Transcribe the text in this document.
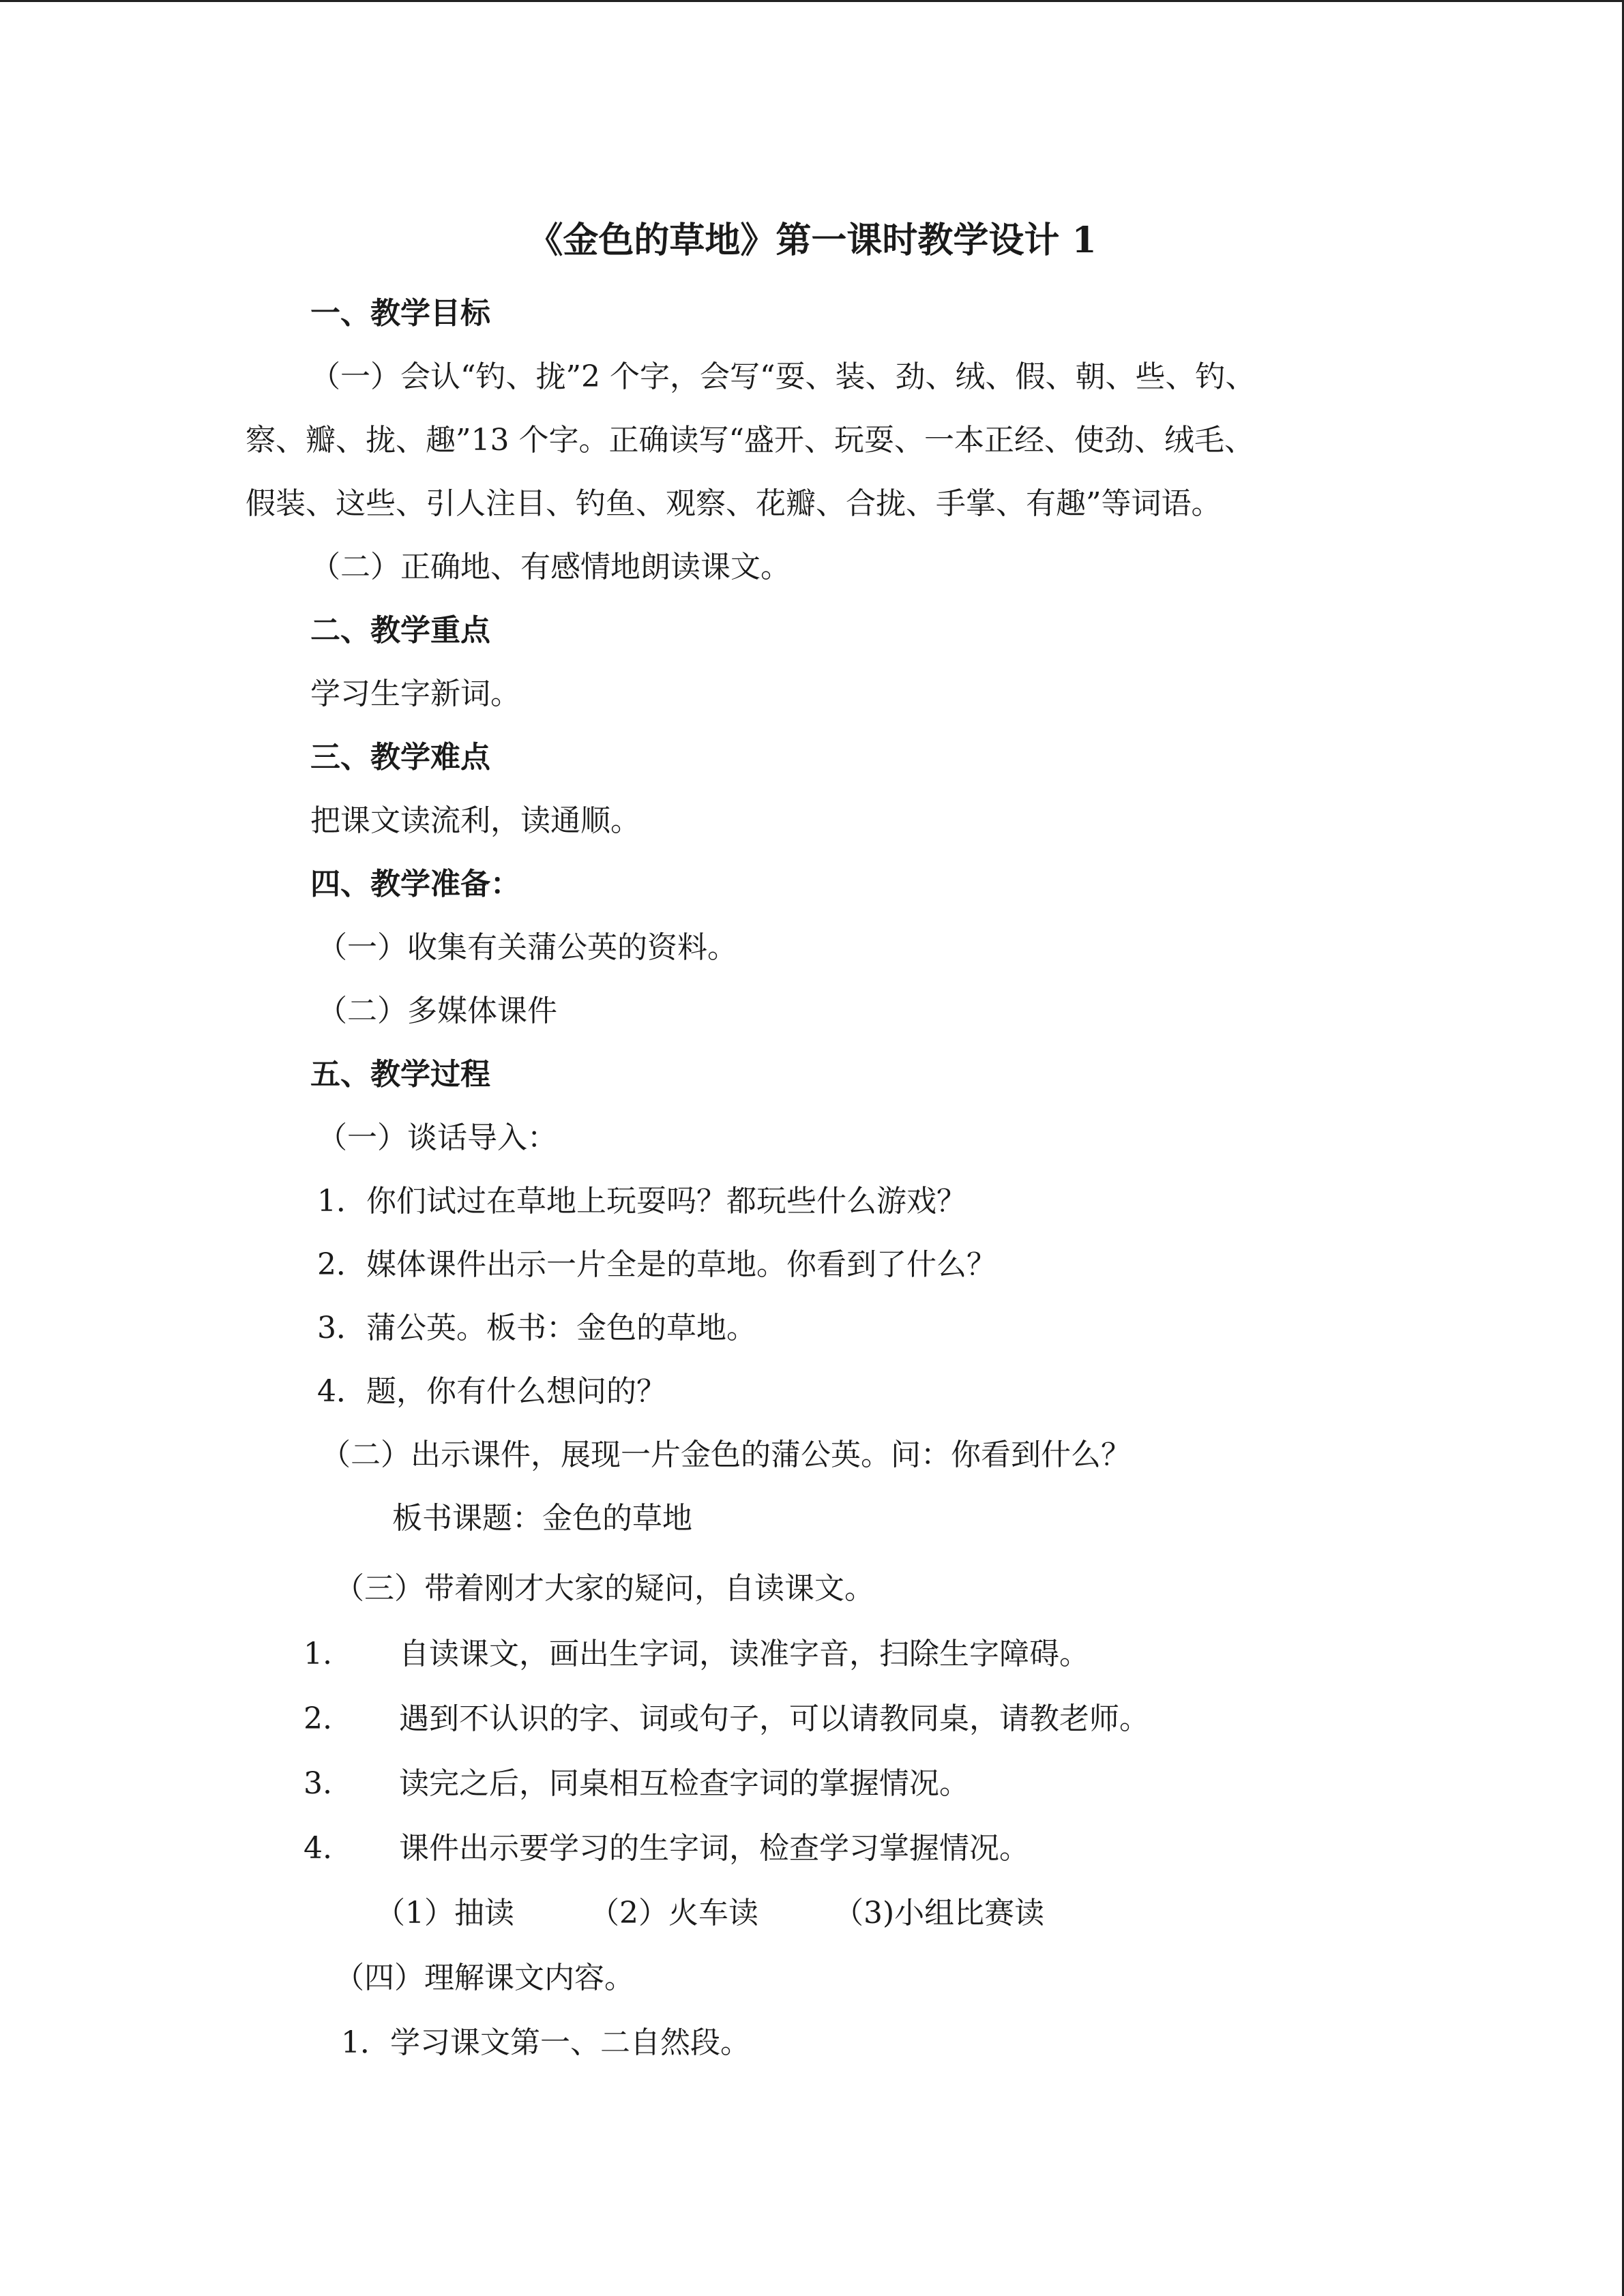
《金色的草地》第一课时教学设计 1

一、教学目标

（一）会认“钓、拢”2 个字，会写“耍、装、劲、绒、假、朝、些、钓、

察、瓣、拢、趣”13 个字。正确读写“盛开、玩耍、一本正经、使劲、绒毛、

假装、这些、引人注目、钓鱼、观察、花瓣、合拢、手掌、有趣”等词语。

（二）正确地、有感情地朗读课文。

二、教学重点

学习生字新词。

三、教学难点

把课文读流利，读通顺。

四、教学准备：

（一）收集有关蒲公英的资料。

（二）多媒体课件

五、教学过程

（一）谈话导入：

1．你们试过在草地上玩耍吗？都玩些什么游戏？

2．媒体课件出示一片全是的草地。你看到了什么？

3．蒲公英。板书：金色的草地。

4．题，你有什么想问的？

（二）出示课件，展现一片金色的蒲公英。问：你看到什么？

板书课题：金色的草地

（三）带着刚才大家的疑问，自读课文。

1. 自读课文，画出生字词，读准字音，扫除生字障碍。

2. 遇到不认识的字、词或句子，可以请教同桌，请教老师。

3. 读完之后，同桌相互检查字词的掌握情况。

4. 课件出示要学习的生字词，检查学习掌握情况。

（1）抽读	（2）火车读	（3)小组比赛读

（四）理解课文内容。

1．学习课文第一、二自然段。
